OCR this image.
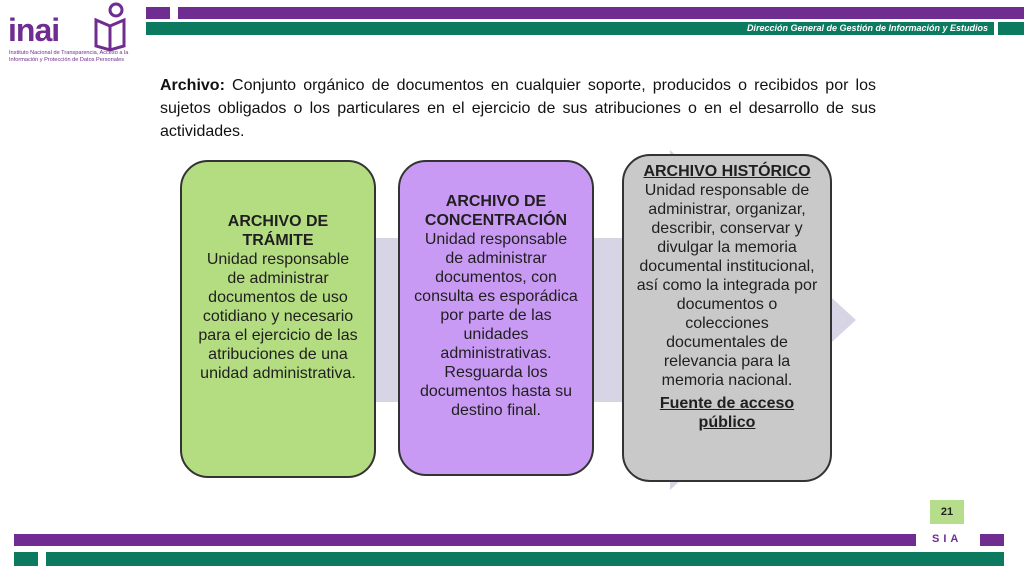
Dirección General de Gestión de Información y Estudios
inai
Instituto Nacional de Transparencia, Acceso a la Información y Protección de Datos Personales
Archivo: Conjunto orgánico de documentos en cualquier soporte, producidos o recibidos por los sujetos obligados o los particulares en el ejercicio de sus atribuciones o en el desarrollo de sus actividades.
ARCHIVO DE TRÁMITE
Unidad responsable de administrar documentos de uso cotidiano y necesario para el ejercicio de las atribuciones de una unidad administrativa.
ARCHIVO DE CONCENTRACIÓN
Unidad responsable de administrar documentos, con consulta es esporádica por parte de las unidades administrativas. Resguarda los documentos hasta su destino final.
ARCHIVO HISTÓRICO
Unidad responsable de administrar, organizar, describir, conservar y divulgar la memoria documental institucional, así como la integrada por documentos o colecciones documentales de relevancia para la memoria nacional.
Fuente de acceso público
21
SIA
